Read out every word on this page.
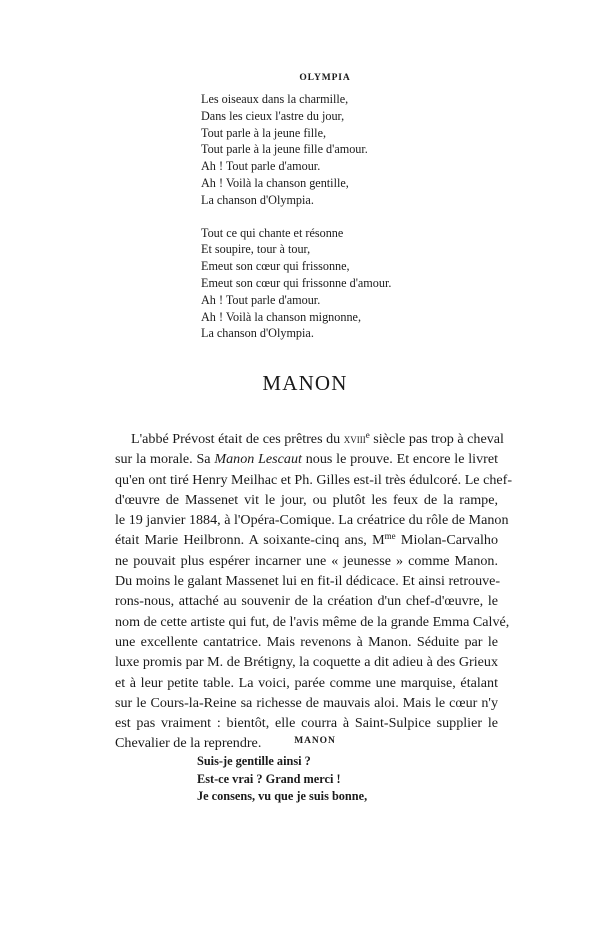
OLYMPIA
Les oiseaux dans la charmille,
Dans les cieux l'astre du jour,
Tout parle à la jeune fille,
Tout parle à la jeune fille d'amour.
Ah ! Tout parle d'amour.
Ah ! Voilà la chanson gentille,
La chanson d'Olympia.
Tout ce qui chante et résonne
Et soupire, tour à tour,
Emeut son cœur qui frissonne,
Emeut son cœur qui frissonne d'amour.
Ah ! Tout parle d'amour.
Ah ! Voilà la chanson mignonne,
La chanson d'Olympia.
MANON
L'abbé Prévost était de ces prêtres du xviii$^e$ siècle pas trop à cheval
sur la morale. Sa Manon Lescaut nous le prouve. Et encore le livret
qu'en ont tiré Henry Meilhac et Ph. Gilles est-il très édulcoré. Le chef-
d'œuvre de Massenet vit le jour, ou plutôt les feux de la rampe,
le 19 janvier 1884, à l'Opéra-Comique. La créatrice du rôle de Manon
était Marie Heilbronn. A soixante-cinq ans, $M^{me}$ Miolan-Carvalho
ne pouvait plus espérer incarner une « jeunesse » comme Manon.
Du moins le galant Massenet lui en fit-il dédicace. Et ainsi retrouve-
rons-nous, attaché au souvenir de la création d'un chef-d'œuvre, le
nom de cette artiste qui fut, de l'avis même de la grande Emma Calvé,
une excellente cantatrice. Mais revenons à Manon. Séduite par le
luxe promis par M. de Brétigny, la coquette a dit adieu à des Grieux
et à leur petite table. La voici, parée comme une marquise, étalant
sur le Cours-la-Reine sa richesse de mauvais aloi. Mais le cœur n'y
est pas vraiment : bientôt, elle courra à Saint-Sulpice supplier le
Chevalier de la reprendre.	MANON
Suis-je gentille ainsi ?
Est-ce vrai ? Grand merci !
Je consens, vu que je suis bonne,
